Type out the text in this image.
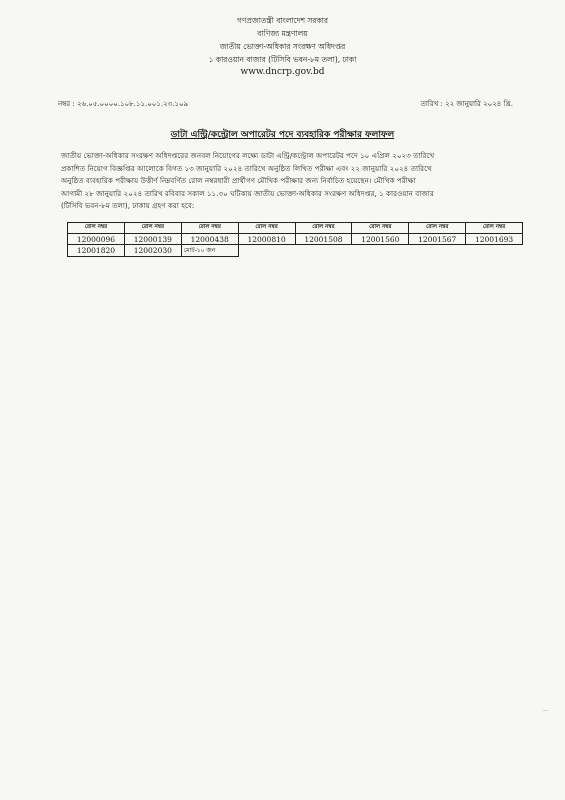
গণপ্রজাতন্ত্রী বাংলাদেশ সরকার
বাণিজ্য মন্ত্রণালয়
জাতীয় ভোক্তা-অধিকার সংরক্ষণ অধিদপ্তর
১ কারওয়ান বাজার (টিসিবি ভবন-৮ম তলা), ঢাকা
www.dncrp.gov.bd
নম্বর : ২৬.০৫.০০০০.১০৮.১১.০০১.২৩.১০৯	তারিখ : ২২ জানুয়ারি ২০২৪ খ্রি.
ডাটা এন্ট্রি/কন্ট্রোল অপারেটর পদে ব্যবহারিক পরীক্ষার ফলাফল
জাতীয় ভোক্তা-অধিকার সংরক্ষণ অধিদপ্তরের জনবল নিয়োগের লক্ষ্যে ডাটা এন্ট্রি/কন্ট্রোল অপারেটর পদে ১০ এপ্রিল ২০২৩ তারিখে
প্রকাশিত নিয়োগ বিজ্ঞপ্তির আলোকে বিগত ১৩ জানুয়ারি ২০২৪ তারিখে অনুষ্ঠিত লিখিত পরীক্ষা এবং ২২ জানুয়ারি ২০২৪ তারিখে
অনুষ্ঠিত ব্যবহারিক পরীক্ষায় উত্তীর্ণ নিম্নবর্ণিত রোল নম্বরধারী প্রার্থীগণ মৌখিক পরীক্ষার জন্য নির্বাচিত হয়েছেন। মৌখিক পরীক্ষা
আগামী ২৮ জানুয়ারি ২০২৪ তারিখ রবিবার সকাল ১১.৩০ ঘটিকায় জাতীয় ভোক্তা-অধিকার সংরক্ষণ অধিদপ্তর, ১ কারওয়ান বাজার
(টিসিবি ভবন-৮ম তলা), ঢাকায় গ্রহণ করা হবে:
রোল নম্বর	রোল নম্বর	রোল নম্বর	রোল নম্বর	রোল নম্বর	রোল নম্বর	রোল নম্বর	রোল নম্বর
12000096	12000139	12000438	12000810	12001508	12001560	12001567	12001693
12001820	12002030	মোট-১০ জন					
⌇
